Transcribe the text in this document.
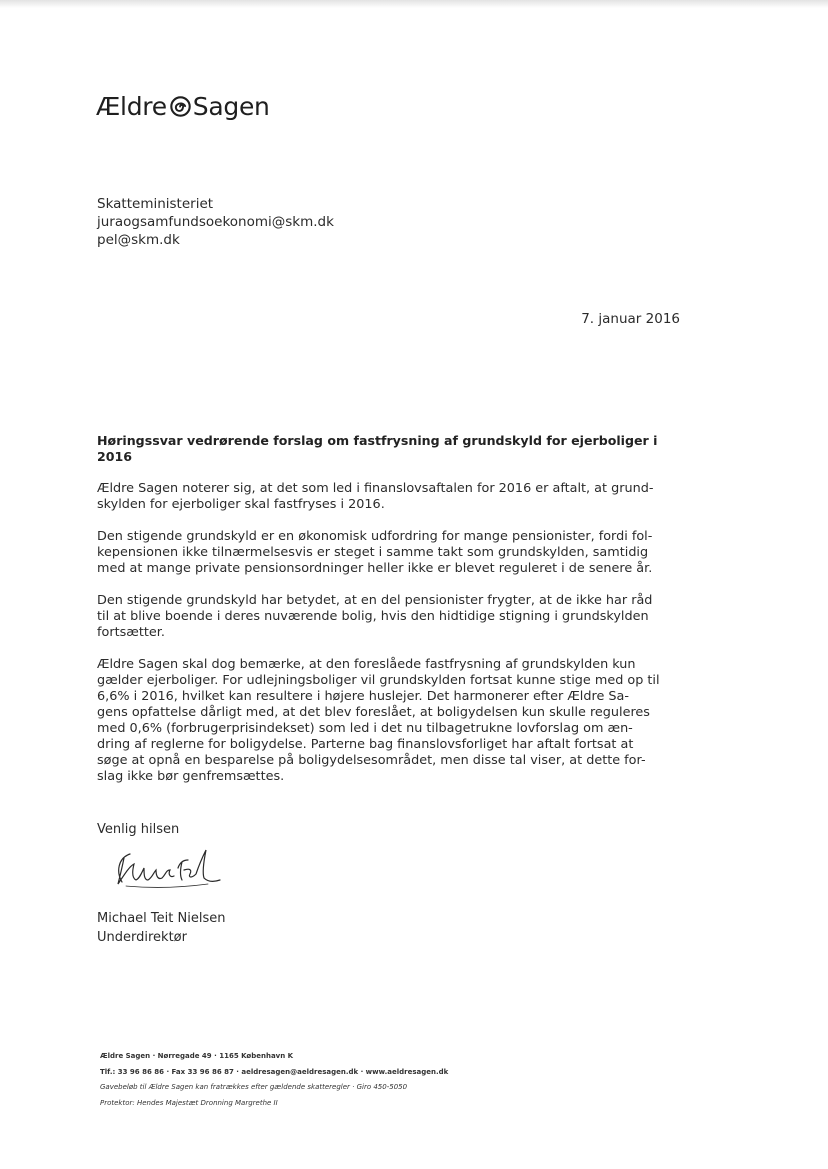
Ældre Sagen
Skatteministeriet
juraogsamfundsoekonomi@skm.dk
pel@skm.dk
7. januar 2016
Høringssvar vedrørende forslag om fastfrysning af grundskyld for ejerboliger i 2016

Ældre Sagen noterer sig, at det som led i finanslovsaftalen for 2016 er aftalt, at grund-
skylden for ejerboliger skal fastfryses i 2016.

Den stigende grundskyld er en økonomisk udfordring for mange pensionister, fordi fol-
kepensionen ikke tilnærmelsesvis er steget i samme takt som grundskylden, samtidig
med at mange private pensionsordninger heller ikke er blevet reguleret i de senere år.

Den stigende grundskyld har betydet, at en del pensionister frygter, at de ikke har råd
til at blive boende i deres nuværende bolig, hvis den hidtidige stigning i grundskylden
fortsætter.

Ældre Sagen skal dog bemærke, at den foreslåede fastfrysning af grundskylden kun
gælder ejerboliger. For udlejningsboliger vil grundskylden fortsat kunne stige med op til
6,6% i 2016, hvilket kan resultere i højere huslejer. Det harmonerer efter Ældre Sa-
gens opfattelse dårligt med, at det blev foreslået, at boligydelsen kun skulle reguleres
med 0,6% (forbrugerprisindekset) som led i det nu tilbagetrukne lovforslag om æn-
dring af reglerne for boligydelse. Parterne bag finanslovsforliget har aftalt fortsat at
søge at opnå en besparelse på boligydelsesområdet, men disse tal viser, at dette for-
slag ikke bør genfremsættes.

Venlig hilsen
Michael Teit Nielsen
Underdirektør
Ældre Sagen · Nørregade 49 · 1165 København K
Tlf.: 33 96 86 86 · Fax 33 96 86 87 · aeldresagen@aeldresagen.dk · www.aeldresagen.dk
Gavebeløb til Ældre Sagen kan fratrækkes efter gældende skatteregler · Giro 450-5050
Protektor: Hendes Majestæt Dronning Margrethe II
